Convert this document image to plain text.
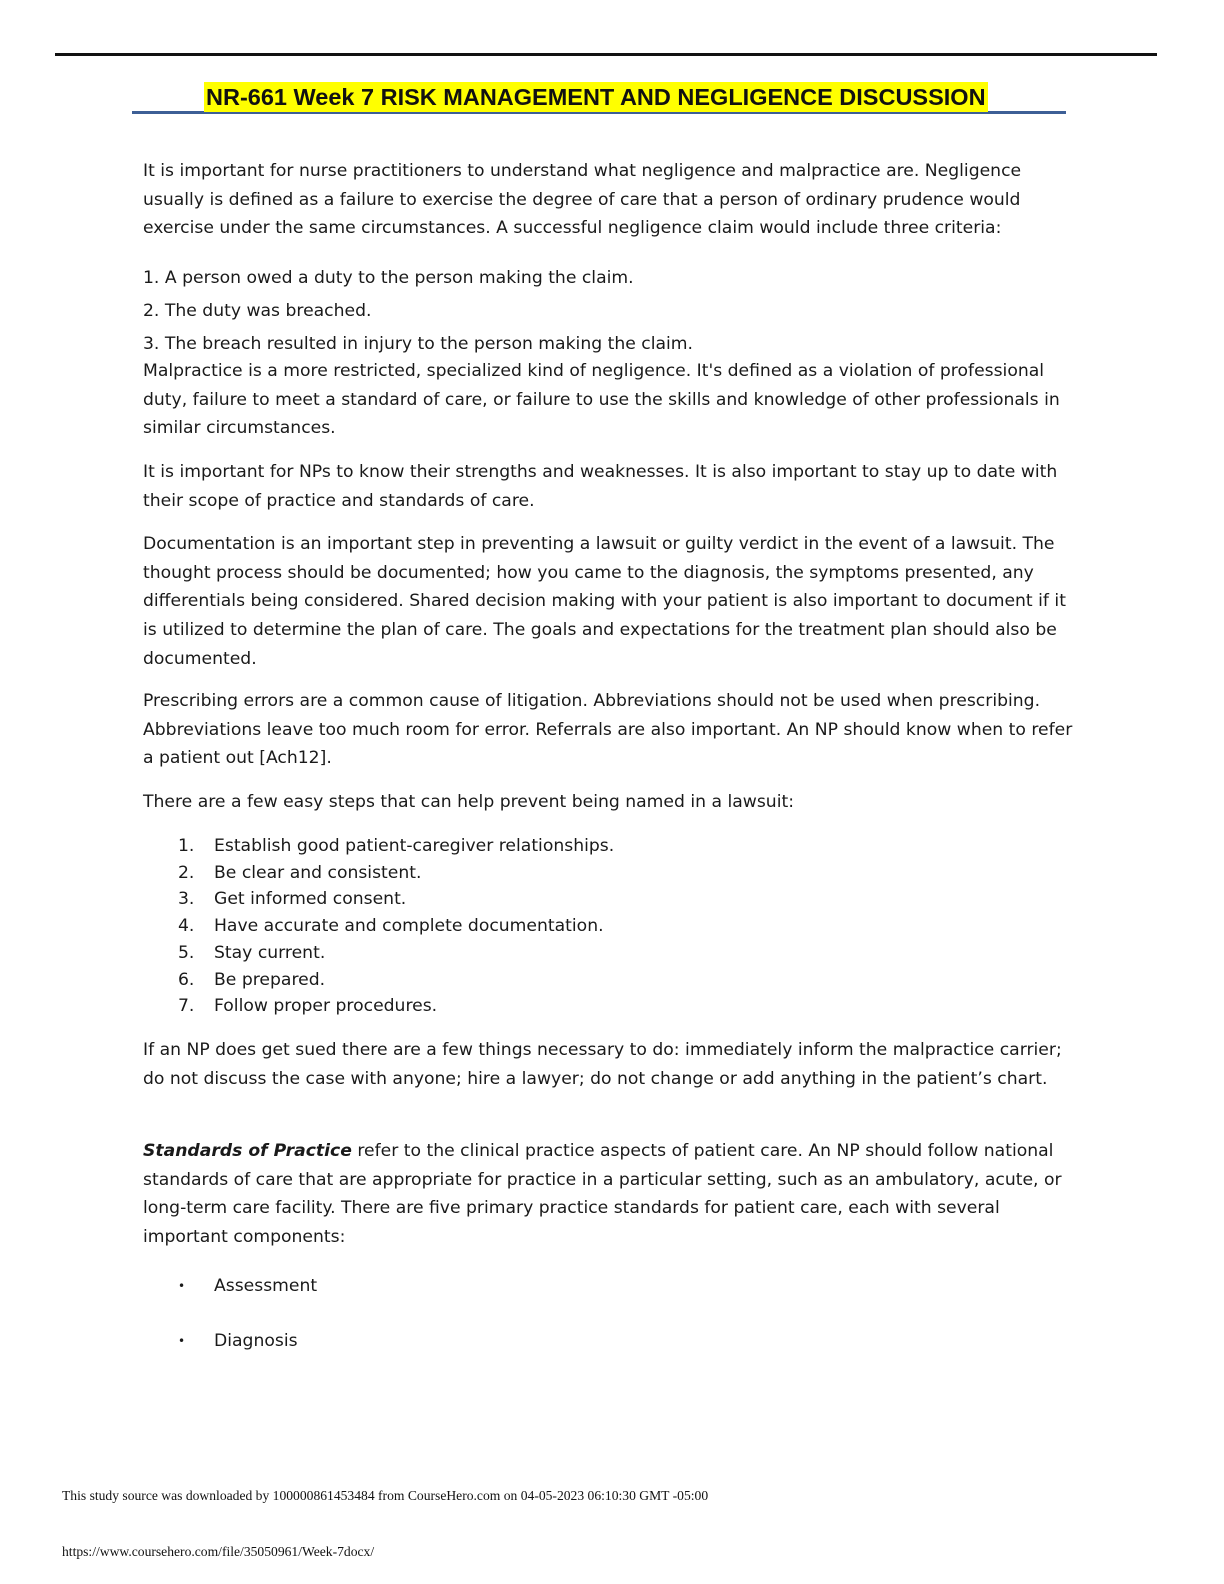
NR-661 Week 7 RISK MANAGEMENT AND NEGLIGENCE DISCUSSION

It is important for nurse practitioners to understand what negligence and malpractice are. Negligence usually is defined as a failure to exercise the degree of care that a person of ordinary prudence would exercise under the same circumstances. A successful negligence claim would include three criteria:

1. A person owed a duty to the person making the claim.

2. The duty was breached.

3. The breach resulted in injury to the person making the claim.

Malpractice is a more restricted, specialized kind of negligence. It's defined as a violation of professional duty, failure to meet a standard of care, or failure to use the skills and knowledge of other professionals in similar circumstances.

It is important for NPs to know their strengths and weaknesses. It is also important to stay up to date with their scope of practice and standards of care.

Documentation is an important step in preventing a lawsuit or guilty verdict in the event of a lawsuit. The thought process should be documented; how you came to the diagnosis, the symptoms presented, any differentials being considered. Shared decision making with your patient is also important to document if it is utilized to determine the plan of care. The goals and expectations for the treatment plan should also be documented.

Prescribing errors are a common cause of litigation. Abbreviations should not be used when prescribing. Abbreviations leave too much room for error. Referrals are also important. An NP should know when to refer a patient out [Ach12].

There are a few easy steps that can help prevent being named in a lawsuit:

1.	Establish good patient-caregiver relationships.
2.	Be clear and consistent.
3.	Get informed consent.
4.	Have accurate and complete documentation.
5.	Stay current.
6.	Be prepared.
7.	Follow proper procedures.

If an NP does get sued there are a few things necessary to do: immediately inform the malpractice carrier; do not discuss the case with anyone; hire a lawyer; do not change or add anything in the patient’s chart.

Standards of Practice refer to the clinical practice aspects of patient care. An NP should follow national standards of care that are appropriate for practice in a particular setting, such as an ambulatory, acute, or long-term care facility. There are five primary practice standards for patient care, each with several important components:

•	Assessment
•	Diagnosis
This study source was downloaded by 100000861453484 from CourseHero.com on 04-05-2023 06:10:30 GMT -05:00
https://www.coursehero.com/file/35050961/Week-7docx/
